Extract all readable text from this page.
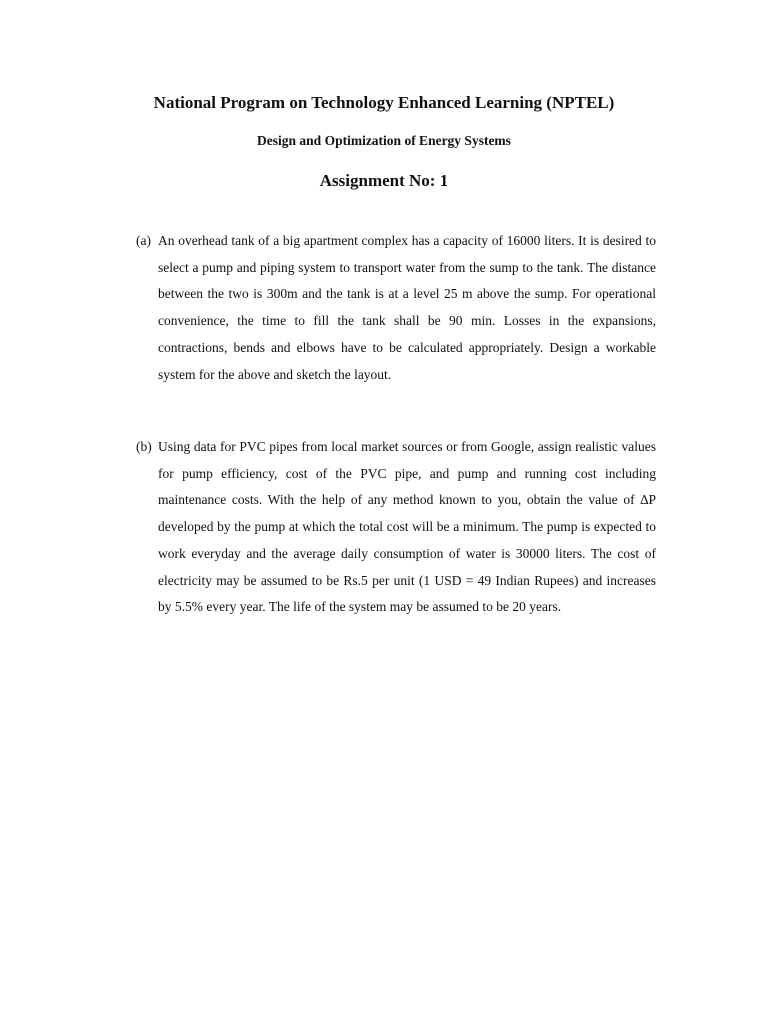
National Program on Technology Enhanced Learning (NPTEL)
Design and Optimization of Energy Systems
Assignment No: 1
(a) An overhead tank of a big apartment complex has a capacity of 16000 liters. It is desired to select a pump and piping system to transport water from the sump to the tank. The distance between the two is 300m and the tank is at a level 25 m above the sump. For operational convenience, the time to fill the tank shall be 90 min. Losses in the expansions, contractions, bends and elbows have to be calculated appropriately. Design a workable system for the above and sketch the layout.
(b) Using data for PVC pipes from local market sources or from Google, assign realistic values for pump efficiency, cost of the PVC pipe, and pump and running cost including maintenance costs. With the help of any method known to you, obtain the value of ∆P developed by the pump at which the total cost will be a minimum. The pump is expected to work everyday and the average daily consumption of water is 30000 liters. The cost of electricity may be assumed to be Rs.5 per unit (1 USD = 49 Indian Rupees) and increases by 5.5% every year. The life of the system may be assumed to be 20 years.
